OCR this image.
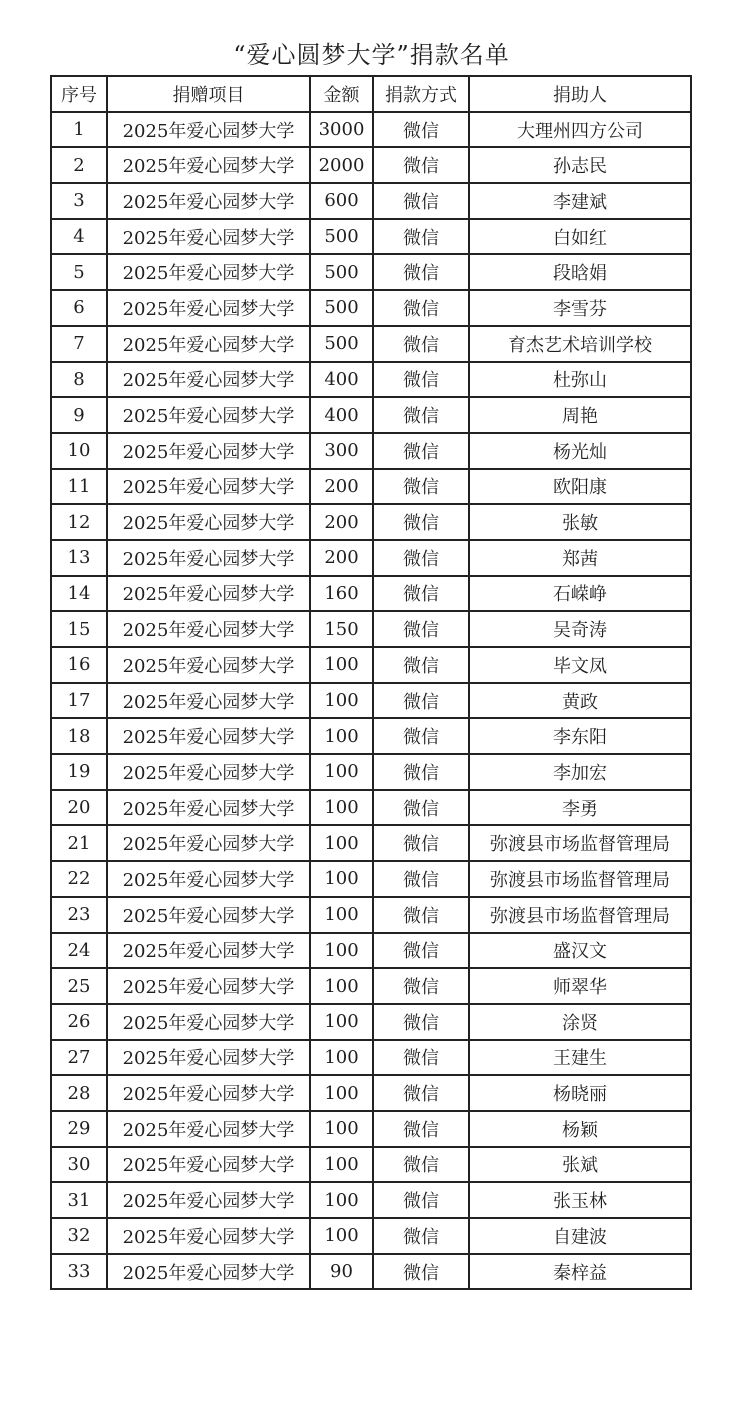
“爱心圆梦大学”捐款名单
序号	捐赠项目	金额	捐款方式	捐助人
1	2025年爱心园梦大学	3000	微信	大理州四方公司
2	2025年爱心园梦大学	2000	微信	孙志民
3	2025年爱心园梦大学	600	微信	李建斌
4	2025年爱心园梦大学	500	微信	白如红
5	2025年爱心园梦大学	500	微信	段晗娟
6	2025年爱心园梦大学	500	微信	李雪芬
7	2025年爱心园梦大学	500	微信	育杰艺术培训学校
8	2025年爱心园梦大学	400	微信	杜弥山
9	2025年爱心园梦大学	400	微信	周艳
10	2025年爱心园梦大学	300	微信	杨光灿
11	2025年爱心园梦大学	200	微信	欧阳康
12	2025年爱心园梦大学	200	微信	张敏
13	2025年爱心园梦大学	200	微信	郑茜
14	2025年爱心园梦大学	160	微信	石嵘峥
15	2025年爱心园梦大学	150	微信	吴奇涛
16	2025年爱心园梦大学	100	微信	毕文凤
17	2025年爱心园梦大学	100	微信	黄政
18	2025年爱心园梦大学	100	微信	李东阳
19	2025年爱心园梦大学	100	微信	李加宏
20	2025年爱心园梦大学	100	微信	李勇
21	2025年爱心园梦大学	100	微信	弥渡县市场监督管理局
22	2025年爱心园梦大学	100	微信	弥渡县市场监督管理局
23	2025年爱心园梦大学	100	微信	弥渡县市场监督管理局
24	2025年爱心园梦大学	100	微信	盛汉文
25	2025年爱心园梦大学	100	微信	师翠华
26	2025年爱心园梦大学	100	微信	涂贤
27	2025年爱心园梦大学	100	微信	王建生
28	2025年爱心园梦大学	100	微信	杨晓丽
29	2025年爱心园梦大学	100	微信	杨颖
30	2025年爱心园梦大学	100	微信	张斌
31	2025年爱心园梦大学	100	微信	张玉林
32	2025年爱心园梦大学	100	微信	自建波
33	2025年爱心园梦大学	90	微信	秦梓益
